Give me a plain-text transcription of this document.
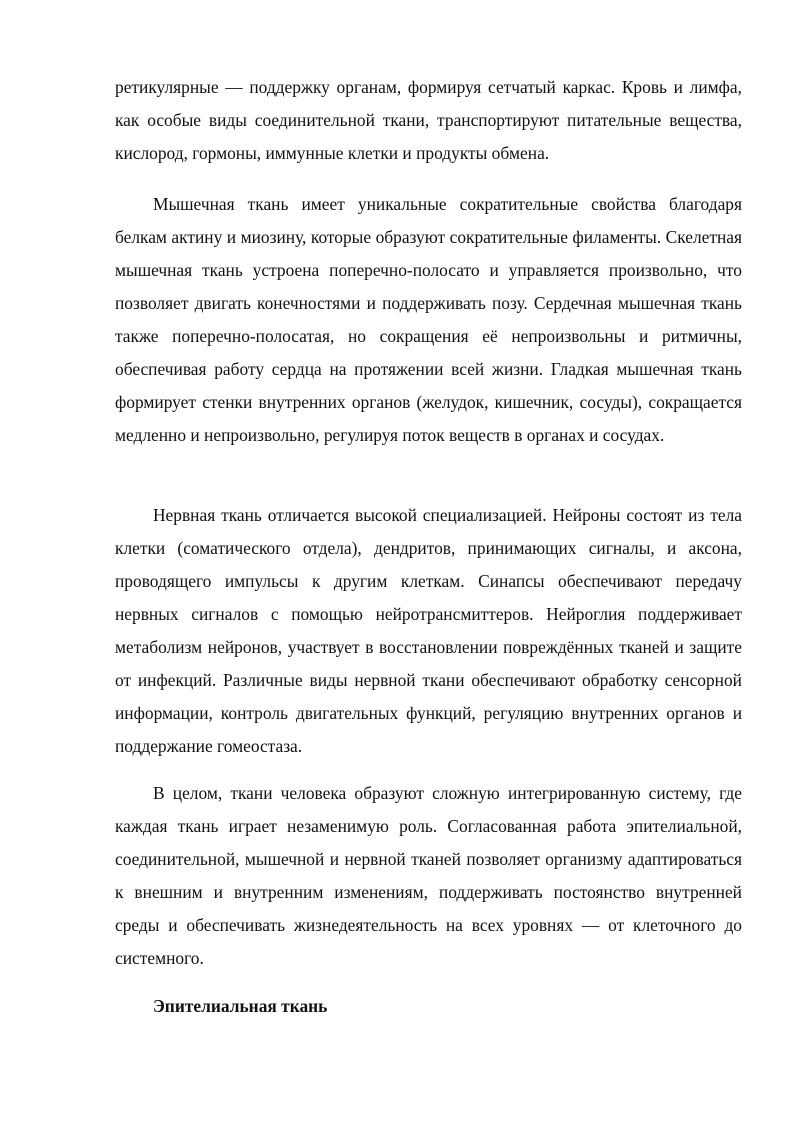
ретикулярные — поддержку органам, формируя сетчатый каркас. Кровь и лимфа, как особые виды соединительной ткани, транспортируют питательные вещества, кислород, гормоны, иммунные клетки и продукты обмена.

Мышечная ткань имеет уникальные сократительные свойства благодаря белкам актину и миозину, которые образуют сократительные филаменты. Скелетная мышечная ткань устроена поперечно-полосато и управляется произвольно, что позволяет двигать конечностями и поддерживать позу. Сердечная мышечная ткань также поперечно-полосатая, но сокращения её непроизвольны и ритмичны, обеспечивая работу сердца на протяжении всей жизни. Гладкая мышечная ткань формирует стенки внутренних органов (желудок, кишечник, сосуды), сокращается медленно и непроизвольно, регулируя поток веществ в органах и сосудах.

Нервная ткань отличается высокой специализацией. Нейроны состоят из тела клетки (соматического отдела), дендритов, принимающих сигналы, и аксона, проводящего импульсы к другим клеткам. Синапсы обеспечивают передачу нервных сигналов с помощью нейротрансмиттеров. Нейроглия поддерживает метаболизм нейронов, участвует в восстановлении повреждённых тканей и защите от инфекций. Различные виды нервной ткани обеспечивают обработку сенсорной информации, контроль двигательных функций, регуляцию внутренних органов и поддержание гомеостаза.

В целом, ткани человека образуют сложную интегрированную систему, где каждая ткань играет незаменимую роль. Согласованная работа эпителиальной, соединительной, мышечной и нервной тканей позволяет организму адаптироваться к внешним и внутренним изменениям, поддерживать постоянство внутренней среды и обеспечивать жизнедеятельность на всех уровнях — от клеточного до системного.

Эпителиальная ткань
